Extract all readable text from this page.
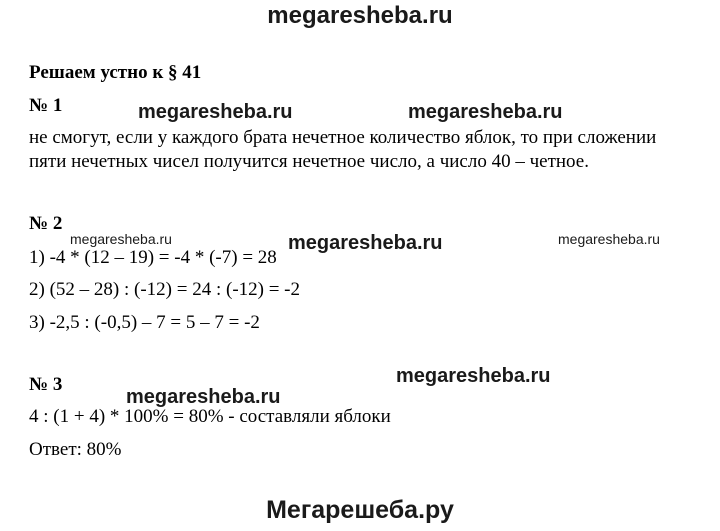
megaresheba.ru
Решаем устно к § 41
№ 1	megaresheba.ru	megaresheba.ru
не смогут, если у каждого брата нечетное количество яблок, то при сложении
пяти нечетных чисел получится нечетное число, а число 40 – четное.
№ 2
megaresheba.ru	megaresheba.ru	megaresheba.ru
1) -4 * (12 – 19) = -4 * (-7) = 28
2) (52 – 28) : (-12) = 24 : (-12) = -2
3) -2,5 : (-0,5) – 7 = 5 – 7 = -2
megaresheba.ru
№ 3
megaresheba.ru
4 : (1 + 4) * 100% = 80% - составляли яблоки
Ответ: 80%
Мегарешеба.ру
